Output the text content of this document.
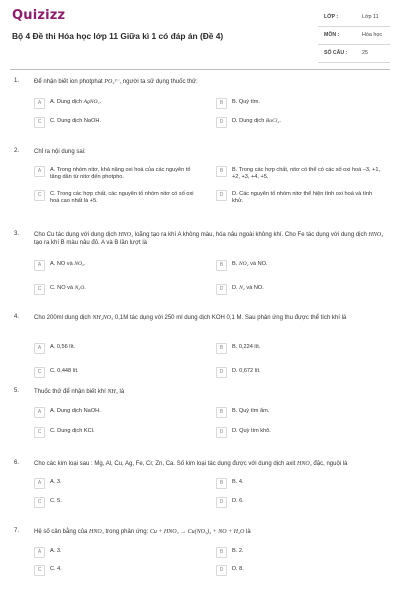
Quizizz
Bộ 4 Đề thi Hóa học lớp 11 Giữa kì 1 có đáp án (Đề 4)
LỚP :	Lớp 11
MÔN :	Hóa học
SỐ CÂU :	25
1. Để nhận biết ion photphat PO₄³⁻, người ta sử dụng thuốc thử:
A	A. Dung dịch AgNO₃.	B	B. Quỳ tím.
C	C. Dung dịch NaOH.	D	D. Dung dịch BaCl₂.
2. Chỉ ra nội dung sai:
A	A. Trong nhóm nitơ, khả năng oxi hoá của các nguyên tố tăng dần từ nitơ đến photpho.
B	B. Trong các hợp chất, nitơ có thể có các số oxi hoá –3, +1, +2, +3, +4, +5.
C	C. Trong các hợp chất, các nguyên tố nhóm nitơ có số oxi hoá cao nhất là +5.
D	D. Các nguyên tố nhóm nitơ thể hiện tính oxi hoá và tính khử.
3. Cho Cu tác dụng với dung dịch HNO₃ loãng tạo ra khí A không màu, hóa nâu ngoài không khí. Cho Fe tác dụng với dung dịch HNO₃ tạo ra khí B màu nâu đỏ. A và B lần lượt là
A	A. NO và NO₂.	B	B. NO₂ và NO.
C	C. NO và N₂O.	D	D. N₂ và NO.
4. Cho 200ml dung dịch NH₄NO₃ 0,1M tác dụng với 250 ml dung dịch KOH 0,1 M. Sau phản ứng thu được thể tích khí là
A	A. 0,56 lít.	B	B. 0,224 lít.
C	C. 0,448 lít.	D	D. 0,672 lít.
5. Thuốc thử để nhận biết khí NH₃ là
A	A. Dung dịch NaOH.	B	B. Quỳ tím ẩm.
C	C. Dung dịch KCl.	D	D. Quỳ tím khô.
6. Cho các kim loại sau : Mg, Al, Cu, Ag, Fe, Cr, Zn, Ca. Số kim loại tác dụng được với dung dịch axit HNO₃ đặc, nguội là
A	A. 3.	B	B. 4.
C	C. 5.	D	D. 6.
7. Hệ số cân bằng của HNO₃ trong phản ứng: Cu + HNO₃ → Cu(NO₃)₂ + NO + H₂O là
A	A. 3.	B	B. 2.
C	C. 4.	D	D. 8.
